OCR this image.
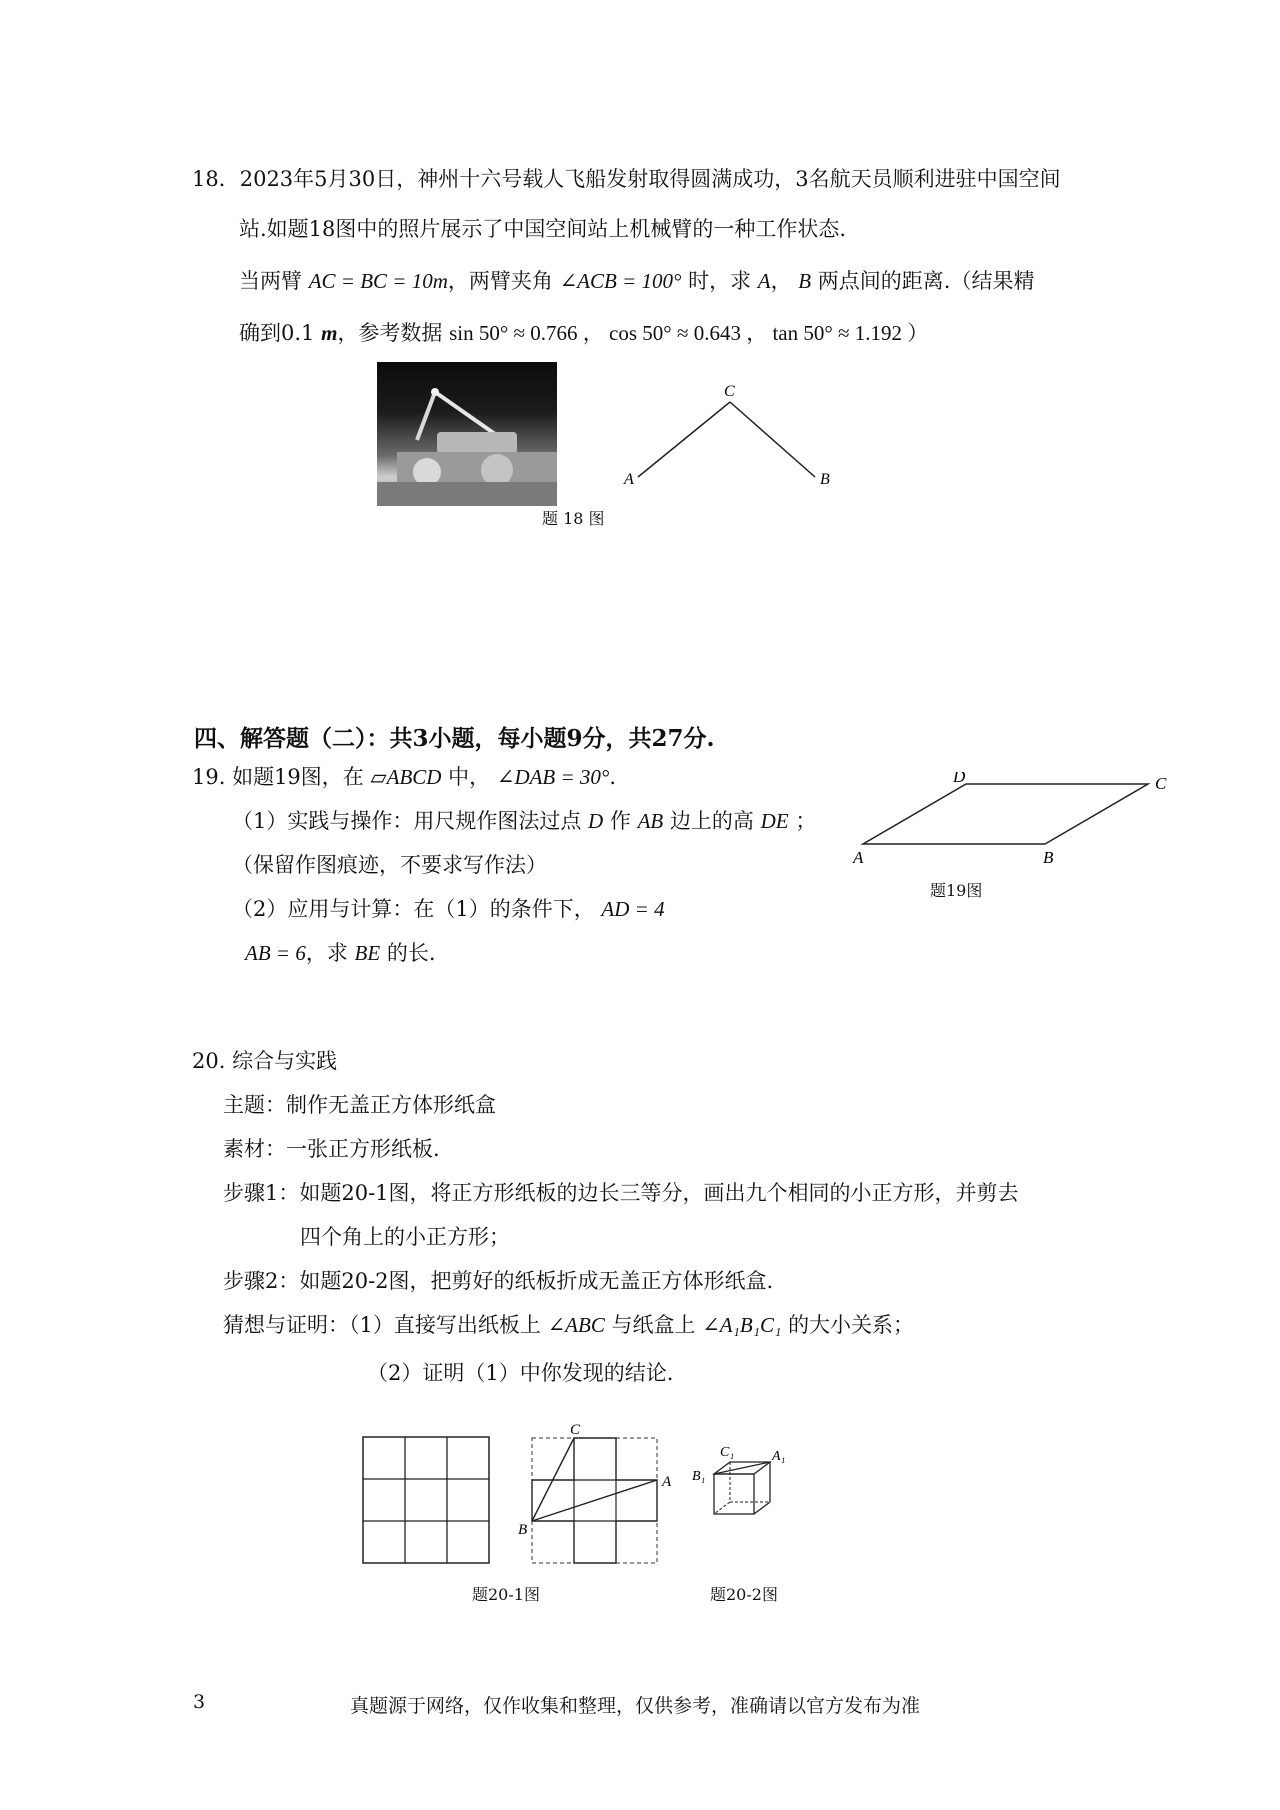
18．2023年5月30日，神州十六号载人飞船发射取得圆满成功，3名航天员顺利进驻中国空间
站.如题18图中的照片展示了中国空间站上机械臂的一种工作状态.
当两臂 AC = BC = 10m，两臂夹角 ∠ACB = 100° 时，求 A， B 两点间的距离.（结果精
确到0.1 m，参考数据 sin 50° ≈ 0.766 ， cos 50° ≈ 0.643 ， tan 50° ≈ 1.192 ）
C
A	B
题 18 图
四、解答题（二）：共3小题，每小题9分，共27分.
19. 如题19图，在 ▱ABCD 中， ∠DAB = 30°.
（1）实践与操作：用尺规作图法过点 D 作 AB 边上的高 DE ；
（保留作图痕迹，不要求写作法）
（2）应用与计算：在（1）的条件下， AD = 4
AB = 6，求 BE 的长.
D	C
A	B
题19图
20. 综合与实践
主题：制作无盖正方体形纸盒
素材：一张正方形纸板.
步骤1：如题20-1图，将正方形纸板的边长三等分，画出九个相同的小正方形，并剪去
四个角上的小正方形；
步骤2：如题20-2图，把剪好的纸板折成无盖正方体形纸盒.
猜想与证明：（1）直接写出纸板上 ∠ABC 与纸盒上 ∠A₁B₁C₁ 的大小关系；
（2）证明（1）中你发现的结论.
C
A
B
题20-1图
C₁	A₁
B₁
题20-2图
3	真题源于网络，仅作收集和整理，仅供参考，准确请以官方发布为准
